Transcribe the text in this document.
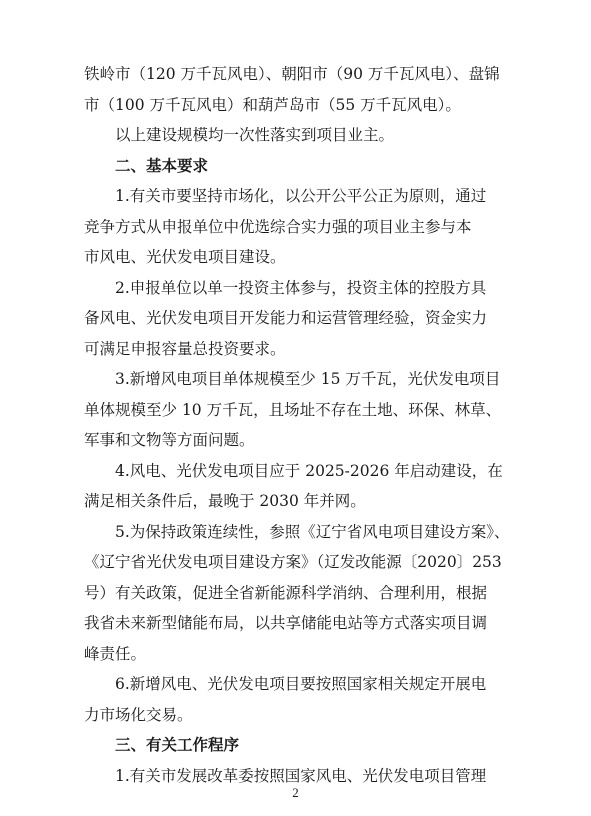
铁岭市（120 万千瓦风电）、朝阳市（90 万千瓦风电）、盘锦
市（100 万千瓦风电）和葫芦岛市（55 万千瓦风电）。
以上建设规模均一次性落实到项目业主。
二、基本要求
1.有关市要坚持市场化，以公开公平公正为原则，通过
竞争方式从申报单位中优选综合实力强的项目业主参与本
市风电、光伏发电项目建设。
2.申报单位以单一投资主体参与，投资主体的控股方具
备风电、光伏发电项目开发能力和运营管理经验，资金实力
可满足申报容量总投资要求。
3.新增风电项目单体规模至少 15 万千瓦，光伏发电项目
单体规模至少 10 万千瓦，且场址不存在土地、环保、林草、
军事和文物等方面问题。
4.风电、光伏发电项目应于 2025-2026 年启动建设，在
满足相关条件后，最晚于 2030 年并网。
5.为保持政策连续性，参照《辽宁省风电项目建设方案》、
《辽宁省光伏发电项目建设方案》（辽发改能源〔2020〕253
号）有关政策，促进全省新能源科学消纳、合理利用，根据
我省未来新型储能布局，以共享储能电站等方式落实项目调
峰责任。
6.新增风电、光伏发电项目要按照国家相关规定开展电
力市场化交易。
三、有关工作程序
1.有关市发展改革委按照国家风电、光伏发电项目管理
2
